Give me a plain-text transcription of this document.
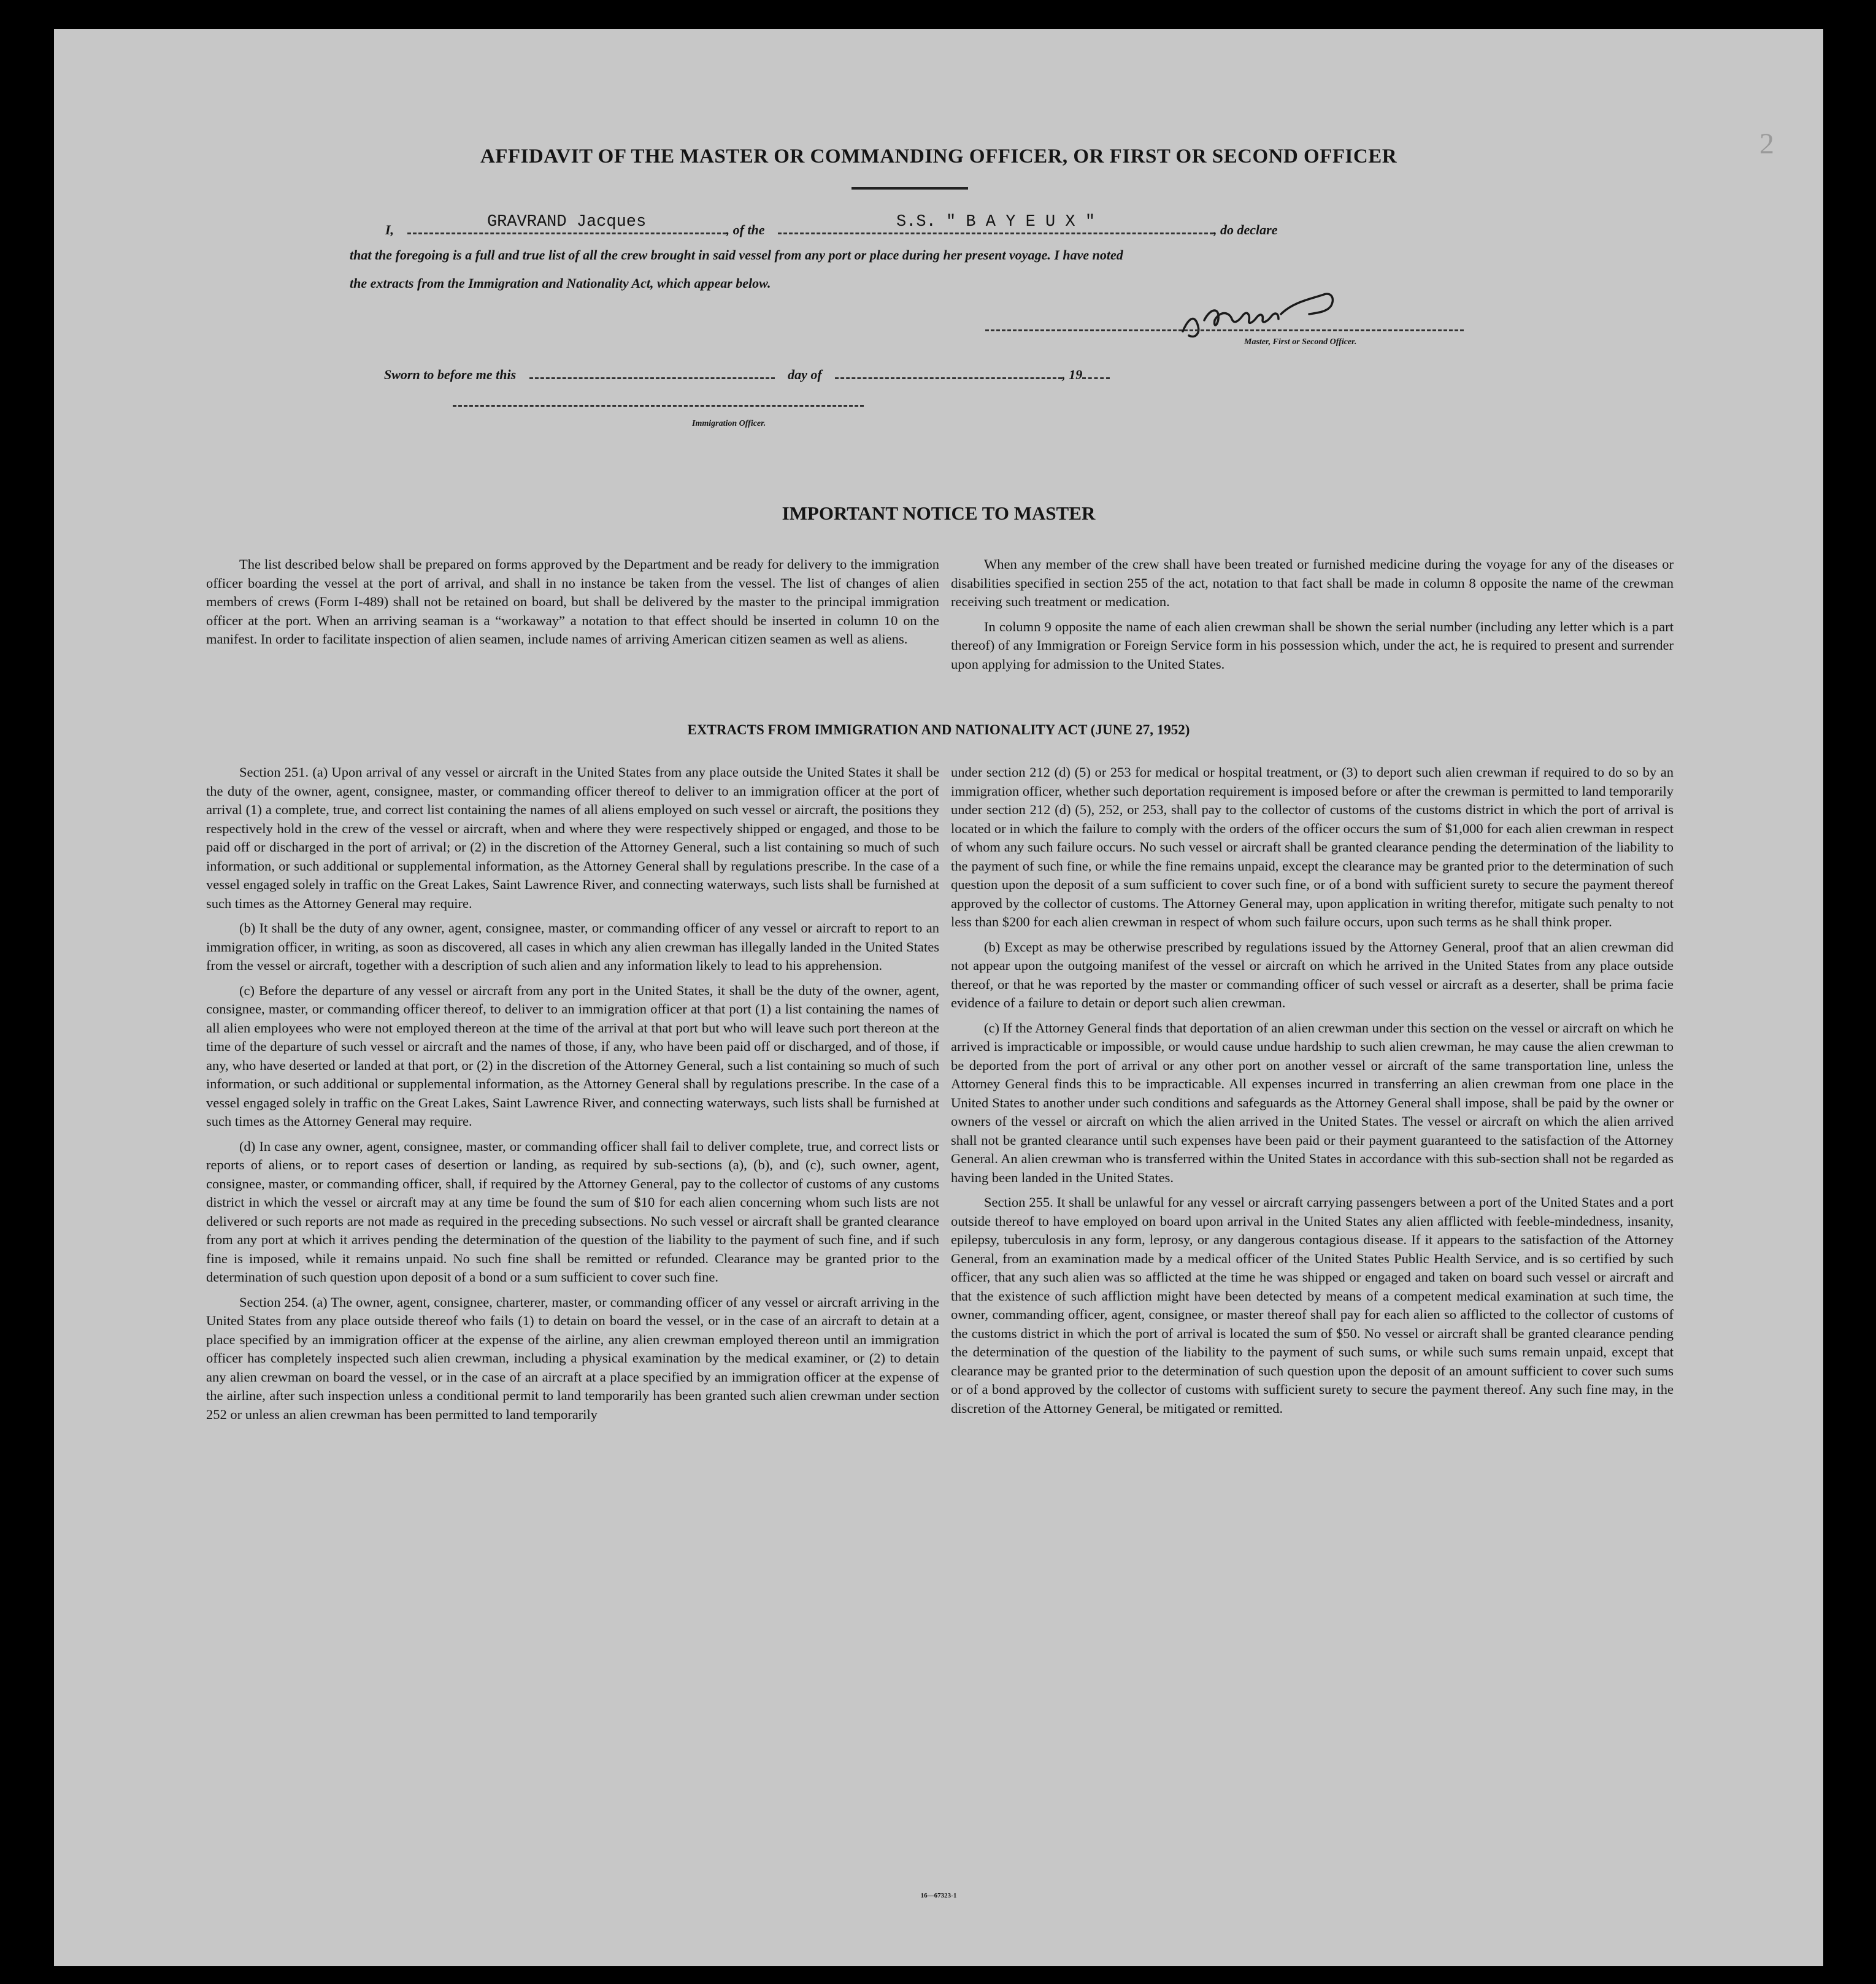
2
AFFIDAVIT OF THE MASTER OR COMMANDING OFFICER, OR FIRST OR SECOND OFFICER
I,	GRAVRAND Jacques	, of the	S.S. " B A Y E U X "	, do declare
that the foregoing is a full and true list of all the crew brought in said vessel from any port or place during her present voyage. I have noted
the extracts from the Immigration and Nationality Act, which appear below.
Master, First or Second Officer.
Sworn to before me this	day of	, 19
Immigration Officer.
IMPORTANT NOTICE TO MASTER

The list described below shall be prepared on forms approved by the Department and be ready for delivery to the immigration officer boarding the vessel at the port of arrival, and shall in no instance be taken from the vessel. The list of changes of alien members of crews (Form I-489) shall not be retained on board, but shall be delivered by the master to the principal immigration officer at the port. When an arriving seaman is a “workaway” a notation to that effect should be inserted in column 10 on the manifest. In order to facilitate inspection of alien seamen, include names of arriving American citizen seamen as well as aliens.

When any member of the crew shall have been treated or furnished medicine during the voyage for any of the diseases or disabilities specified in section 255 of the act, notation to that fact shall be made in column 8 opposite the name of the crewman receiving such treatment or medication.

In column 9 opposite the name of each alien crewman shall be shown the serial number (including any letter which is a part thereof) of any Immigration or Foreign Service form in his possession which, under the act, he is required to present and surrender upon applying for admission to the United States.

EXTRACTS FROM IMMIGRATION AND NATIONALITY ACT (JUNE 27, 1952)

Section 251. (a) Upon arrival of any vessel or aircraft in the United States from any place outside the United States it shall be the duty of the owner, agent, consignee, master, or commanding officer thereof to deliver to an immigration officer at the port of arrival (1) a complete, true, and correct list containing the names of all aliens employed on such vessel or aircraft, the positions they respectively hold in the crew of the vessel or aircraft, when and where they were respectively shipped or engaged, and those to be paid off or discharged in the port of arrival; or (2) in the discretion of the Attorney General, such a list containing so much of such information, or such additional or supplemental information, as the Attorney General shall by regulations prescribe. In the case of a vessel engaged solely in traffic on the Great Lakes, Saint Lawrence River, and connecting waterways, such lists shall be furnished at such times as the Attorney General may require.

(b) It shall be the duty of any owner, agent, consignee, master, or commanding officer of any vessel or aircraft to report to an immigration officer, in writing, as soon as discovered, all cases in which any alien crewman has illegally landed in the United States from the vessel or aircraft, together with a description of such alien and any information likely to lead to his apprehension.

(c) Before the departure of any vessel or aircraft from any port in the United States, it shall be the duty of the owner, agent, consignee, master, or commanding officer thereof, to deliver to an immigration officer at that port (1) a list containing the names of all alien employees who were not employed thereon at the time of the arrival at that port but who will leave such port thereon at the time of the departure of such vessel or aircraft and the names of those, if any, who have been paid off or discharged, and of those, if any, who have deserted or landed at that port, or (2) in the discretion of the Attorney General, such a list containing so much of such information, or such additional or supplemental information, as the Attorney General shall by regulations prescribe. In the case of a vessel engaged solely in traffic on the Great Lakes, Saint Lawrence River, and connecting waterways, such lists shall be furnished at such times as the Attorney General may require.

(d) In case any owner, agent, consignee, master, or commanding officer shall fail to deliver complete, true, and correct lists or reports of aliens, or to report cases of desertion or landing, as required by sub-sections (a), (b), and (c), such owner, agent, consignee, master, or commanding officer, shall, if required by the Attorney General, pay to the collector of customs of any customs district in which the vessel or aircraft may at any time be found the sum of $10 for each alien concerning whom such lists are not delivered or such reports are not made as required in the preceding subsections. No such vessel or aircraft shall be granted clearance from any port at which it arrives pending the determination of the question of the liability to the payment of such fine, and if such fine is imposed, while it remains unpaid. No such fine shall be remitted or refunded. Clearance may be granted prior to the determination of such question upon deposit of a bond or a sum sufficient to cover such fine.

Section 254. (a) The owner, agent, consignee, charterer, master, or commanding officer of any vessel or aircraft arriving in the United States from any place outside thereof who fails (1) to detain on board the vessel, or in the case of an aircraft to detain at a place specified by an immigration officer at the expense of the airline, any alien crewman employed thereon until an immigration officer has completely inspected such alien crewman, including a physical examination by the medical examiner, or (2) to detain any alien crewman on board the vessel, or in the case of an aircraft at a place specified by an immigration officer at the expense of the airline, after such inspection unless a conditional permit to land temporarily has been granted such alien crewman under section 252 or unless an alien crewman has been permitted to land temporarily

under section 212 (d) (5) or 253 for medical or hospital treatment, or (3) to deport such alien crewman if required to do so by an immigration officer, whether such deportation requirement is imposed before or after the crewman is permitted to land temporarily under section 212 (d) (5), 252, or 253, shall pay to the collector of customs of the customs district in which the port of arrival is located or in which the failure to comply with the orders of the officer occurs the sum of $1,000 for each alien crewman in respect of whom any such failure occurs. No such vessel or aircraft shall be granted clearance pending the determination of the liability to the payment of such fine, or while the fine remains unpaid, except the clearance may be granted prior to the determination of such question upon the deposit of a sum sufficient to cover such fine, or of a bond with sufficient surety to secure the payment thereof approved by the collector of customs. The Attorney General may, upon application in writing therefor, mitigate such penalty to not less than $200 for each alien crewman in respect of whom such failure occurs, upon such terms as he shall think proper.

(b) Except as may be otherwise prescribed by regulations issued by the Attorney General, proof that an alien crewman did not appear upon the outgoing manifest of the vessel or aircraft on which he arrived in the United States from any place outside thereof, or that he was reported by the master or commanding officer of such vessel or aircraft as a deserter, shall be prima facie evidence of a failure to detain or deport such alien crewman.

(c) If the Attorney General finds that deportation of an alien crewman under this section on the vessel or aircraft on which he arrived is impracticable or impossible, or would cause undue hardship to such alien crewman, he may cause the alien crewman to be deported from the port of arrival or any other port on another vessel or aircraft of the same transportation line, unless the Attorney General finds this to be impracticable. All expenses incurred in transferring an alien crewman from one place in the United States to another under such conditions and safeguards as the Attorney General shall impose, shall be paid by the owner or owners of the vessel or aircraft on which the alien arrived in the United States. The vessel or aircraft on which the alien arrived shall not be granted clearance until such expenses have been paid or their payment guaranteed to the satisfaction of the Attorney General. An alien crewman who is transferred within the United States in accordance with this sub-section shall not be regarded as having been landed in the United States.

Section 255. It shall be unlawful for any vessel or aircraft carrying passengers between a port of the United States and a port outside thereof to have employed on board upon arrival in the United States any alien afflicted with feeble-mindedness, insanity, epilepsy, tuberculosis in any form, leprosy, or any dangerous contagious disease. If it appears to the satisfaction of the Attorney General, from an examination made by a medical officer of the United States Public Health Service, and is so certified by such officer, that any such alien was so afflicted at the time he was shipped or engaged and taken on board such vessel or aircraft and that the existence of such affliction might have been detected by means of a competent medical examination at such time, the owner, commanding officer, agent, consignee, or master thereof shall pay for each alien so afflicted to the collector of customs of the customs district in which the port of arrival is located the sum of $50. No vessel or aircraft shall be granted clearance pending the determination of the question of the liability to the payment of such sums, or while such sums remain unpaid, except that clearance may be granted prior to the determination of such question upon the deposit of an amount sufficient to cover such sums or of a bond approved by the collector of customs with sufficient surety to secure the payment thereof. Any such fine may, in the discretion of the Attorney General, be mitigated or remitted.

16—67323-1
